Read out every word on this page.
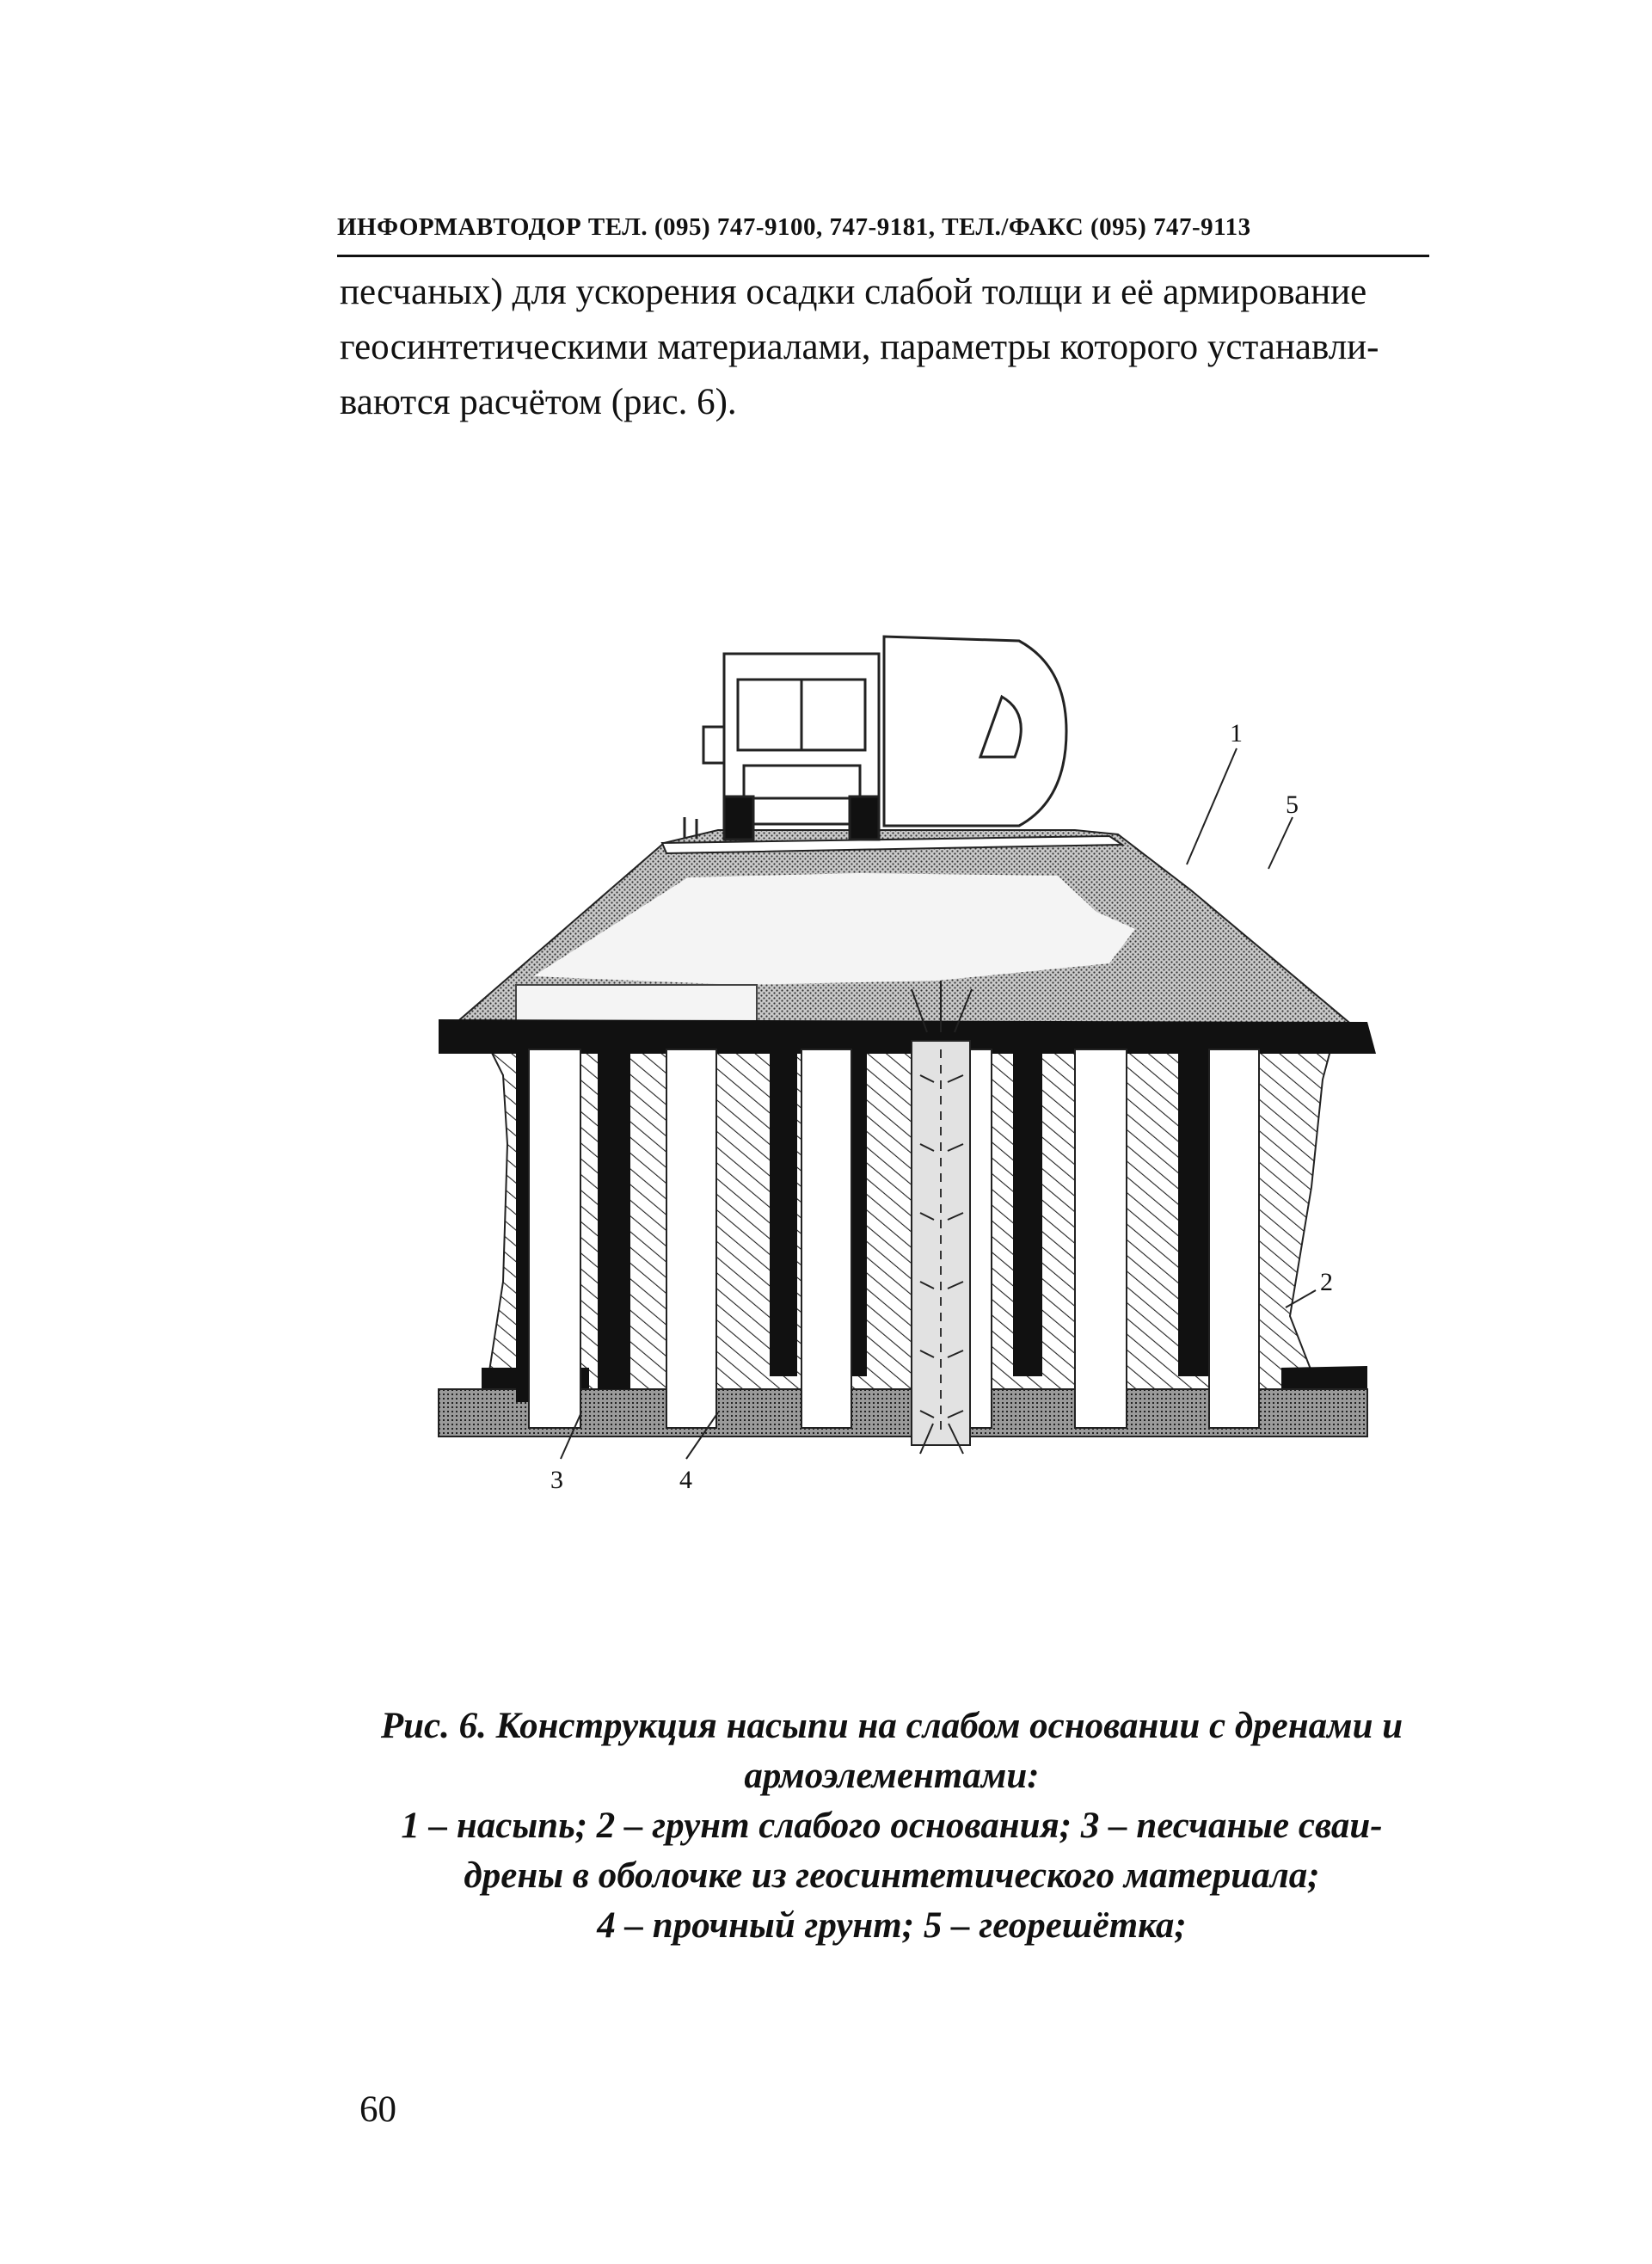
ИНФОРМАВТОДОР ТЕЛ. (095) 747-9100, 747-9181, ТЕЛ./ФАКС (095) 747-9113
песчаных) для ускорения осадки слабой толщи и её армирование
геосинтетическими материалами, параметры которого устанавли-
ваются расчётом (рис. 6).
1
5
2
3	4
Рис. 6. Конструкция насыпи на слабом основании с дренами и
армоэлементами:
1 – насыпь; 2 – грунт слабого основания; 3 – песчаные сваи-
дрены в оболочке из геосинтетического материала;
4 – прочный грунт; 5 – георешётка;
60
